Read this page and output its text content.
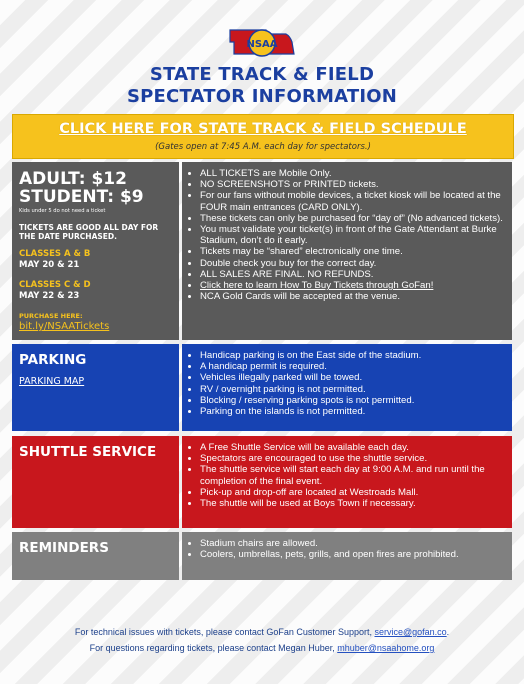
NSAA
STATE TRACK & FIELD
SPECTATOR INFORMATION
CLICK HERE FOR STATE TRACK & FIELD SCHEDULE
(Gates open at 7:45 A.M. each day for spectators.)
ADULT: $12
STUDENT: $9
Kids under 5 do not need a ticket
TICKETS ARE GOOD ALL DAY FOR THE DATE PURCHASED.
CLASSES A & B
MAY 20 & 21
CLASSES C & D
MAY 22 & 23
PURCHASE HERE:
bit.ly/NSAATickets
• ALL TICKETS are Mobile Only.
• NO SCREENSHOTS or PRINTED tickets.
• For our fans without mobile devices, a ticket kiosk will be located at the FOUR main entrances (CARD ONLY).
• These tickets can only be purchased for “day of” (No advanced tickets).
• You must validate your ticket(s) in front of the Gate Attendant at Burke Stadium, don’t do it early.
• Tickets may be “shared” electronically one time.
• Double check you buy for the correct day.
• ALL SALES ARE FINAL. NO REFUNDS.
• Click here to learn How To Buy Tickets through GoFan!
• NCA Gold Cards will be accepted at the venue.
PARKING
PARKING MAP
• Handicap parking is on the East side of the stadium.
• A handicap permit is required.
• Vehicles illegally parked will be towed.
• RV / overnight parking is not permitted.
• Blocking / reserving parking spots is not permitted.
• Parking on the islands is not permitted.
SHUTTLE SERVICE	• A Free Shuttle Service will be available each day.
• Spectators are encouraged to use the shuttle service.
• The shuttle service will start each day at 9:00 A.M. and run until the completion of the final event.
• Pick-up and drop-off are located at Westroads Mall.
• The shuttle will be used at Boys Town if necessary.
REMINDERS	• Stadium chairs are allowed.
• Coolers, umbrellas, pets, grills, and open fires are prohibited.
For technical issues with tickets, please contact GoFan Customer Support, service@gofan.co.
For questions regarding tickets, please contact Megan Huber, mhuber@nsaahome.org
